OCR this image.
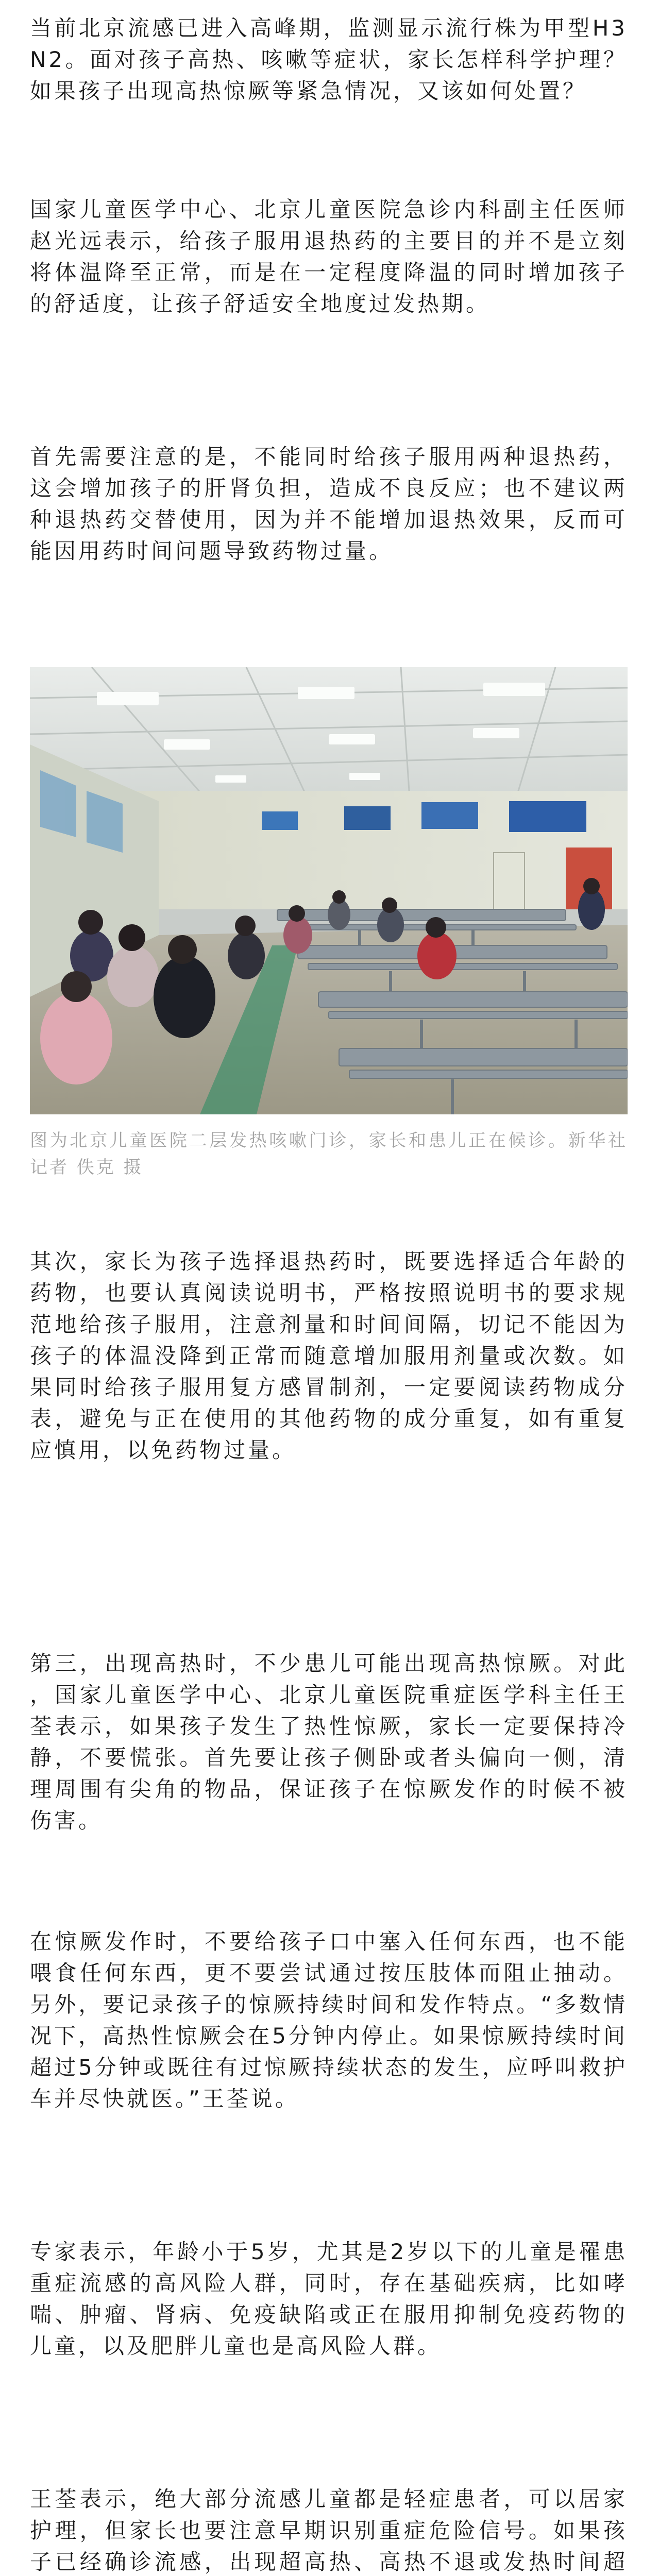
当前北京流感已进入高峰期，监测显示流行株为甲型H3N2。面对孩子高热、咳嗽等症状，家长怎样科学护理？如果孩子出现高热惊厥等紧急情况，又该如何处置？

国家儿童医学中心、北京儿童医院急诊内科副主任医师赵光远表示，给孩子服用退热药的主要目的并不是立刻将体温降至正常，而是在一定程度降温的同时增加孩子的舒适度，让孩子舒适安全地度过发热期。

首先需要注意的是，不能同时给孩子服用两种退热药，这会增加孩子的肝肾负担，造成不良反应；也不建议两种退热药交替使用，因为并不能增加退热效果，反而可能因用药时间问题导致药物过量。

图为北京儿童医院二层发热咳嗽门诊，家长和患儿正在候诊。新华社记者 佚克 摄

其次，家长为孩子选择退热药时，既要选择适合年龄的药物，也要认真阅读说明书，严格按照说明书的要求规范地给孩子服用，注意剂量和时间间隔，切记不能因为孩子的体温没降到正常而随意增加服用剂量或次数。如果同时给孩子服用复方感冒制剂，一定要阅读药物成分表，避免与正在使用的其他药物的成分重复，如有重复应慎用，以免药物过量。

第三，出现高热时，不少患儿可能出现高热惊厥。对此，国家儿童医学中心、北京儿童医院重症医学科主任王荃表示，如果孩子发生了热性惊厥，家长一定要保持冷静，不要慌张。首先要让孩子侧卧或者头偏向一侧，清理周围有尖角的物品，保证孩子在惊厥发作的时候不被伤害。

在惊厥发作时，不要给孩子口中塞入任何东西，也不能喂食任何东西，更不要尝试通过按压肢体而阻止抽动。另外，要记录孩子的惊厥持续时间和发作特点。“多数情况下，高热性惊厥会在5分钟内停止。如果惊厥持续时间超过5分钟或既往有过惊厥持续状态的发生，应呼叫救护车并尽快就医。”王荃说。

专家表示，年龄小于5岁，尤其是2岁以下的儿童是罹患重症流感的高风险人群，同时，存在基础疾病，比如哮喘、肿瘤、肾病、免疫缺陷或正在服用抑制免疫药物的儿童，以及肥胖儿童也是高风险人群。

王荃表示，绝大部分流感儿童都是轻症患者，可以居家护理，但家长也要注意早期识别重症危险信号。如果孩子已经确诊流感，出现超高热、高热不退或发热时间超
